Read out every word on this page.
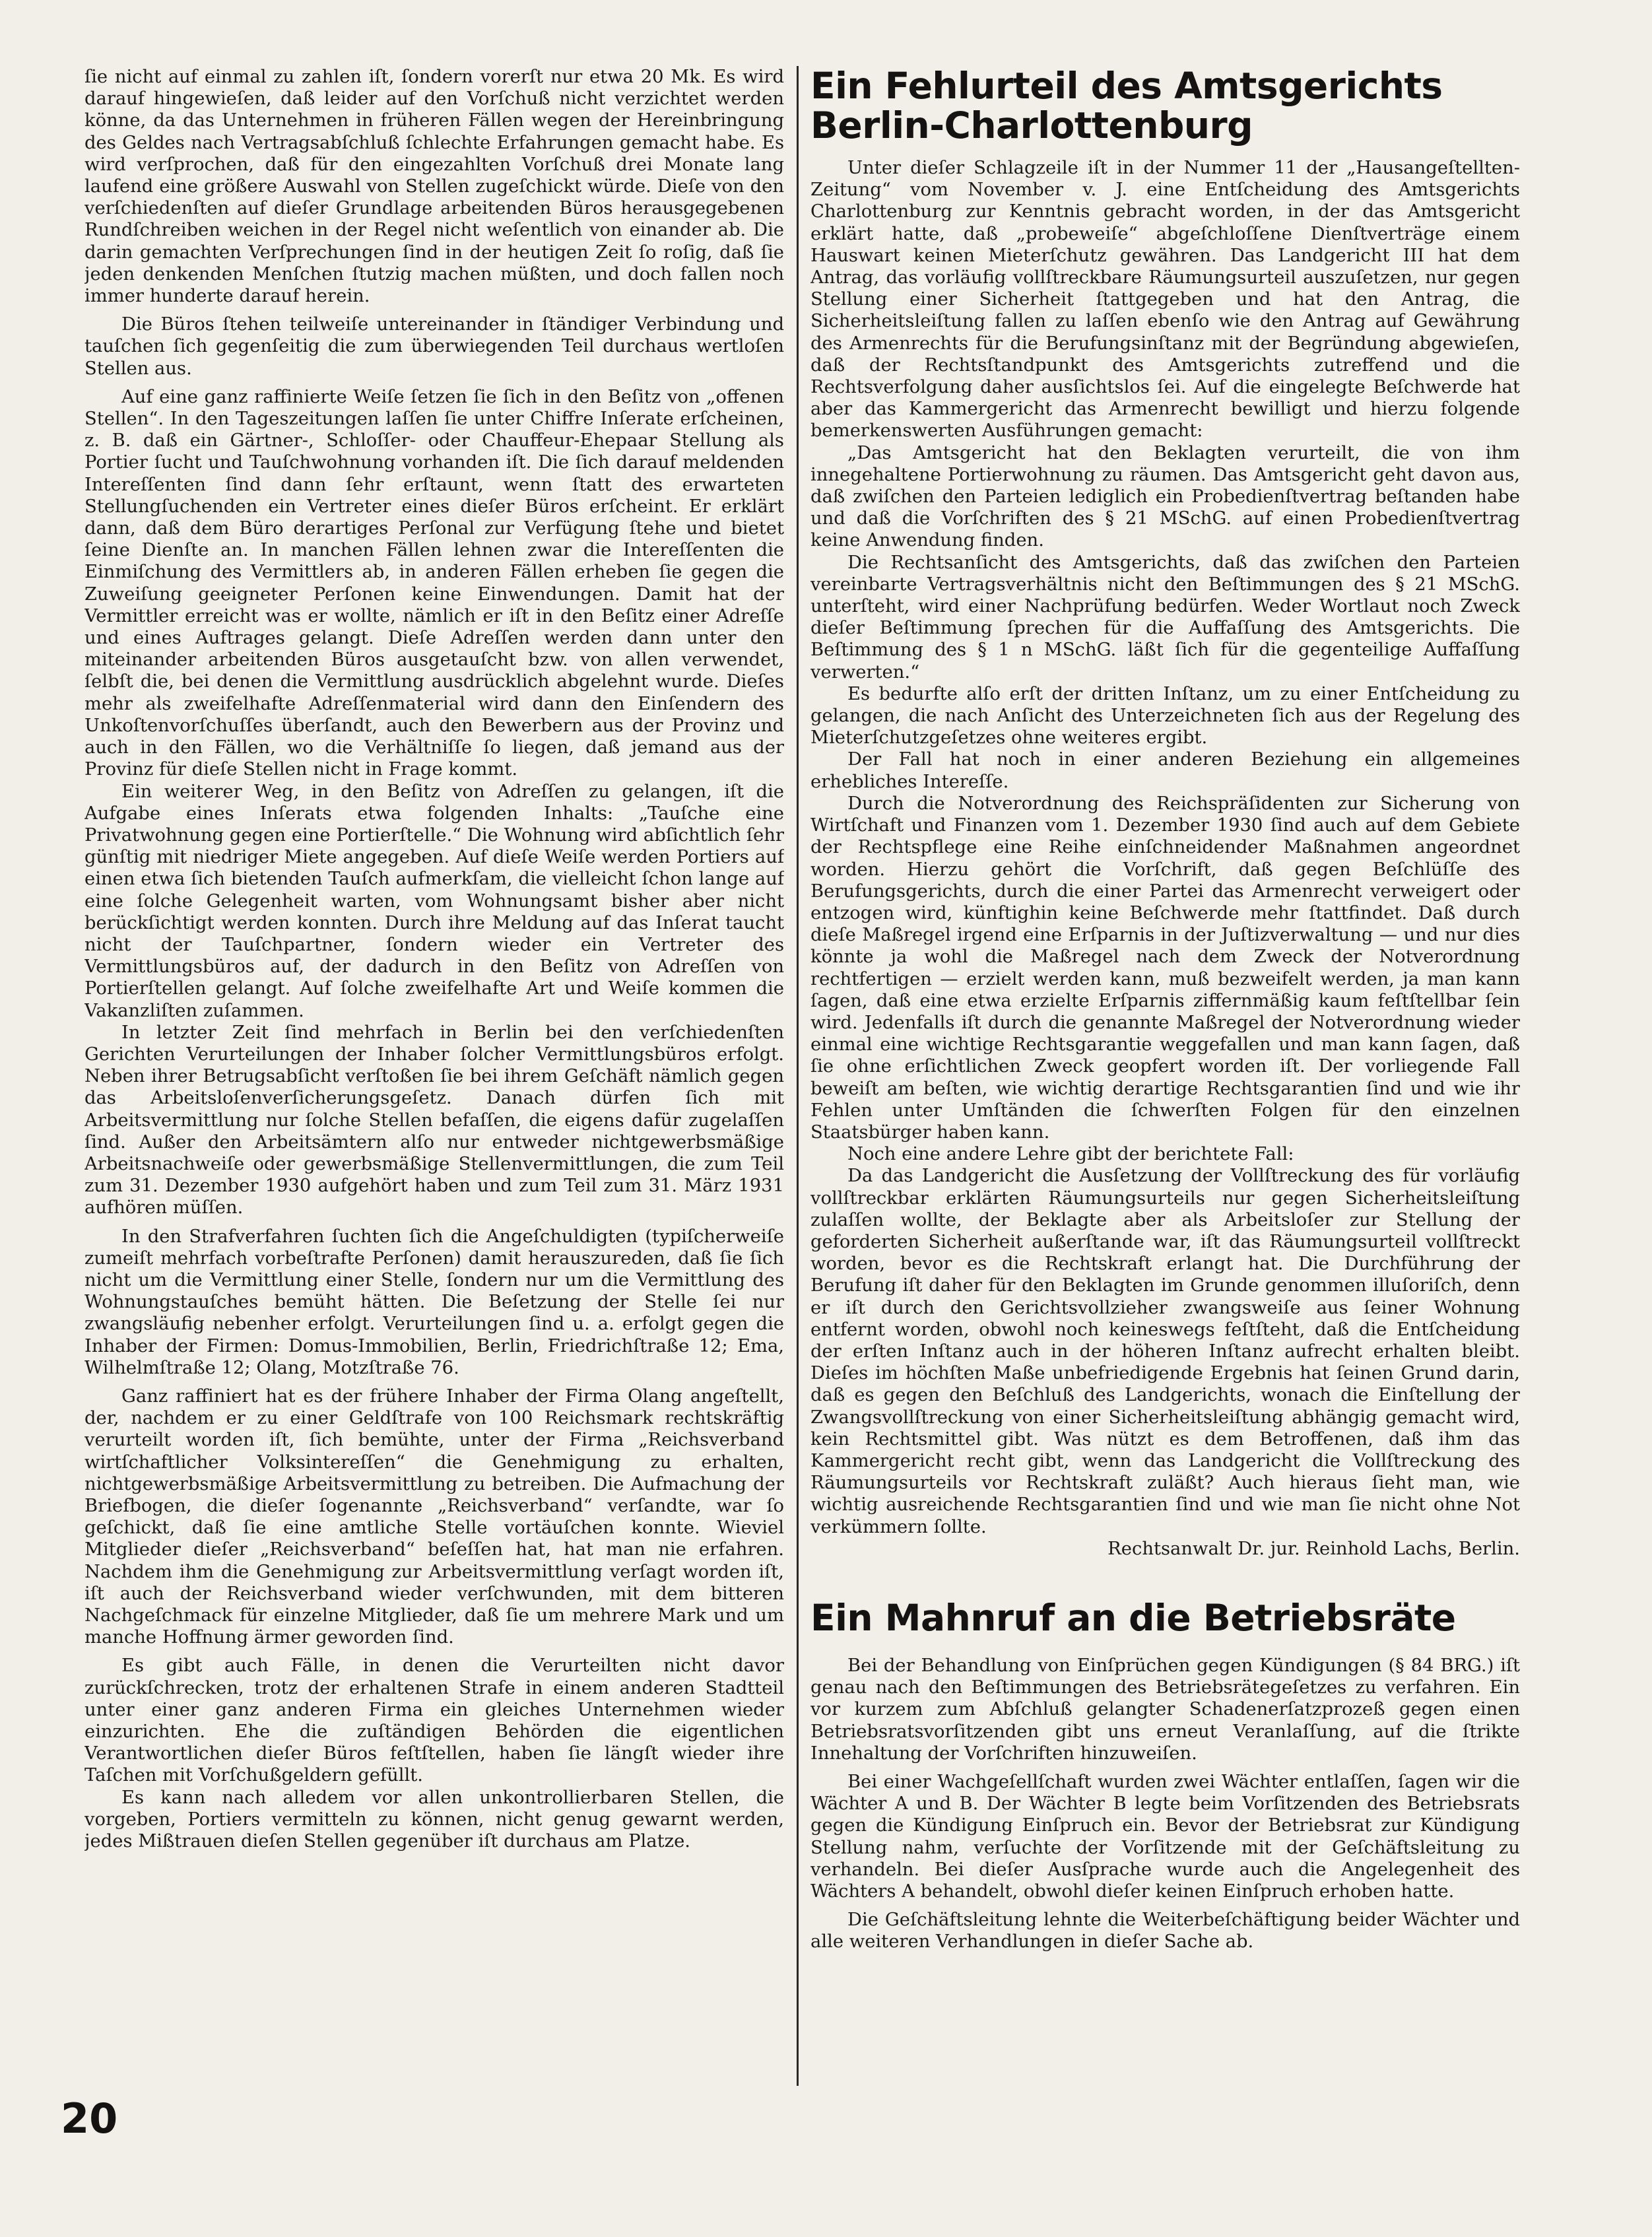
ſie nicht auf einmal zu zahlen iſt, ſondern vorerſt nur etwa 20 Mk. Es wird darauf hingewieſen, daß leider auf den Vorſchuß nicht verzichtet werden könne, da das Unternehmen in früheren Fällen wegen der Hereinbringung des Geldes nach Vertragsabſchluß ſchlechte Erfahrungen gemacht habe. Es wird verſprochen, daß für den eingezahlten Vorſchuß drei Monate lang laufend eine größere Auswahl von Stellen zugeſchickt würde. Dieſe von den verſchiedenſten auf dieſer Grundlage arbeitenden Büros herausgegebenen Rundſchreiben weichen in der Regel nicht weſentlich von einander ab. Die darin gemachten Verſprechungen ſind in der heutigen Zeit ſo roſig, daß ſie jeden denkenden Menſchen ſtutzig machen müßten, und doch fallen noch immer hunderte darauf herein.

Die Büros ſtehen teilweiſe untereinander in ſtändiger Verbindung und tauſchen ſich gegenſeitig die zum überwiegenden Teil durchaus wertloſen Stellen aus.

Auf eine ganz raffinierte Weiſe ſetzen ſie ſich in den Beſitz von „offenen Stellen“. In den Tageszeitungen laſſen ſie unter Chiffre Inſerate erſcheinen, z. B. daß ein Gärtner-, Schloſſer- oder Chauffeur-Ehepaar Stellung als Portier ſucht und Tauſchwohnung vorhanden iſt. Die ſich darauf meldenden Intereſſenten ſind dann ſehr erſtaunt, wenn ſtatt des erwarteten Stellungſuchenden ein Vertreter eines dieſer Büros erſcheint. Er erklärt dann, daß dem Büro derartiges Perſonal zur Verfügung ſtehe und bietet ſeine Dienſte an. In manchen Fällen lehnen zwar die Intereſſenten die Einmiſchung des Vermittlers ab, in anderen Fällen erheben ſie gegen die Zuweiſung geeigneter Perſonen keine Einwendungen. Damit hat der Vermittler erreicht was er wollte, nämlich er iſt in den Beſitz einer Adreſſe und eines Auftrages gelangt. Dieſe Adreſſen werden dann unter den miteinander arbeitenden Büros ausgetauſcht bzw. von allen verwendet, ſelbſt die, bei denen die Vermittlung ausdrücklich abgelehnt wurde. Dieſes mehr als zweifelhafte Adreſſenmaterial wird dann den Einſendern des Unkoſtenvorſchuſſes überſandt, auch den Bewerbern aus der Provinz und auch in den Fällen, wo die Verhältniſſe ſo liegen, daß jemand aus der Provinz für dieſe Stellen nicht in Frage kommt.

Ein weiterer Weg, in den Beſitz von Adreſſen zu gelangen, iſt die Aufgabe eines Inſerats etwa folgenden Inhalts: „Tauſche eine Privatwohnung gegen eine Portierſtelle.“ Die Wohnung wird abſichtlich ſehr günſtig mit niedriger Miete angegeben. Auf dieſe Weiſe werden Portiers auf einen etwa ſich bietenden Tauſch aufmerkſam, die vielleicht ſchon lange auf eine ſolche Gelegenheit warten, vom Wohnungsamt bisher aber nicht berückſichtigt werden konnten. Durch ihre Meldung auf das Inſerat taucht nicht der Tauſchpartner, ſondern wieder ein Vertreter des Vermittlungsbüros auf, der dadurch in den Beſitz von Adreſſen von Portierſtellen gelangt. Auf ſolche zweifelhafte Art und Weiſe kommen die Vakanzliſten zuſammen.

In letzter Zeit ſind mehrfach in Berlin bei den verſchiedenſten Gerichten Verurteilungen der Inhaber ſolcher Vermittlungsbüros erfolgt. Neben ihrer Betrugsabſicht verſtoßen ſie bei ihrem Geſchäft nämlich gegen das Arbeitsloſenverſicherungsgeſetz. Danach dürfen ſich mit Arbeitsvermittlung nur ſolche Stellen befaſſen, die eigens dafür zugelaſſen ſind. Außer den Arbeitsämtern alſo nur entweder nichtgewerbsmäßige Arbeitsnachweiſe oder gewerbsmäßige Stellenvermittlungen, die zum Teil zum 31. Dezember 1930 aufgehört haben und zum Teil zum 31. März 1931 aufhören müſſen.

In den Strafverfahren ſuchten ſich die Angeſchuldigten (typiſcherweiſe zumeiſt mehrfach vorbeſtrafte Perſonen) damit herauszureden, daß ſie ſich nicht um die Vermittlung einer Stelle, ſondern nur um die Vermittlung des Wohnungstauſches bemüht hätten. Die Beſetzung der Stelle ſei nur zwangsläufig nebenher erfolgt. Verurteilungen ſind u. a. erfolgt gegen die Inhaber der Firmen: Domus-Immobilien, Berlin, Friedrichſtraße 12; Ema, Wilhelmſtraße 12; Olang, Motzſtraße 76.

Ganz raffiniert hat es der frühere Inhaber der Firma Olang angeſtellt, der, nachdem er zu einer Geldſtrafe von 100 Reichsmark rechtskräftig verurteilt worden iſt, ſich bemühte, unter der Firma „Reichsverband wirtſchaftlicher Volksintereſſen“ die Genehmigung zu erhalten, nichtgewerbsmäßige Arbeitsvermittlung zu betreiben. Die Aufmachung der Briefbogen, die dieſer ſogenannte „Reichsverband“ verſandte, war ſo geſchickt, daß ſie eine amtliche Stelle vortäuſchen konnte. Wieviel Mitglieder dieſer „Reichsverband“ beſeſſen hat, hat man nie erfahren. Nachdem ihm die Genehmigung zur Arbeitsvermittlung verſagt worden iſt, iſt auch der Reichsverband wieder verſchwunden, mit dem bitteren Nachgeſchmack für einzelne Mitglieder, daß ſie um mehrere Mark und um manche Hoffnung ärmer geworden ſind.

Es gibt auch Fälle, in denen die Verurteilten nicht davor zurückſchrecken, trotz der erhaltenen Strafe in einem anderen Stadtteil unter einer ganz anderen Firma ein gleiches Unternehmen wieder einzurichten. Ehe die zuſtändigen Behörden die eigentlichen Verantwortlichen dieſer Büros feſtſtellen, haben ſie längſt wieder ihre Taſchen mit Vorſchußgeldern gefüllt.

Es kann nach alledem vor allen unkontrollierbaren Stellen, die vorgeben, Portiers vermitteln zu können, nicht genug gewarnt werden, jedes Mißtrauen dieſen Stellen gegenüber iſt durchaus am Platze.

Ein Fehlurteil des Amtsgerichts
Berlin-Charlottenburg

Unter dieſer Schlagzeile iſt in der Nummer 11 der „Hausangeſtellten-Zeitung“ vom November v. J. eine Entſcheidung des Amtsgerichts Charlottenburg zur Kenntnis gebracht worden, in der das Amtsgericht erklärt hatte, daß „probeweiſe“ abgeſchloſſene Dienſtverträge einem Hauswart keinen Mieterſchutz gewähren. Das Landgericht III hat dem Antrag, das vorläufig vollſtreckbare Räumungsurteil auszuſetzen, nur gegen Stellung einer Sicherheit ſtattgegeben und hat den Antrag, die Sicherheitsleiſtung fallen zu laſſen ebenſo wie den Antrag auf Gewährung des Armenrechts für die Berufungsinſtanz mit der Begründung abgewieſen, daß der Rechtsſtandpunkt des Amtsgerichts zutreffend und die Rechtsverfolgung daher ausſichtslos ſei. Auf die eingelegte Beſchwerde hat aber das Kammergericht das Armenrecht bewilligt und hierzu folgende bemerkenswerten Ausführungen gemacht:

„Das Amtsgericht hat den Beklagten verurteilt, die von ihm innegehaltene Portierwohnung zu räumen. Das Amtsgericht geht davon aus, daß zwiſchen den Parteien lediglich ein Probedienſtvertrag beſtanden habe und daß die Vorſchriften des § 21 MSchG. auf einen Probedienſtvertrag keine Anwendung finden.

Die Rechtsanſicht des Amtsgerichts, daß das zwiſchen den Parteien vereinbarte Vertragsverhältnis nicht den Beſtimmungen des § 21 MSchG. unterſteht, wird einer Nachprüfung bedürfen. Weder Wortlaut noch Zweck dieſer Beſtimmung ſprechen für die Auffaſſung des Amtsgerichts. Die Beſtimmung des § 1 n MSchG. läßt ſich für die gegenteilige Auffaſſung verwerten.“

Es bedurfte alſo erſt der dritten Inſtanz, um zu einer Entſcheidung zu gelangen, die nach Anſicht des Unterzeichneten ſich aus der Regelung des Mieterſchutzgeſetzes ohne weiteres ergibt.

Der Fall hat noch in einer anderen Beziehung ein allgemeines erhebliches Intereſſe.

Durch die Notverordnung des Reichspräſidenten zur Sicherung von Wirtſchaft und Finanzen vom 1. Dezember 1930 ſind auch auf dem Gebiete der Rechtspflege eine Reihe einſchneidender Maßnahmen angeordnet worden. Hierzu gehört die Vorſchrift, daß gegen Beſchlüſſe des Berufungsgerichts, durch die einer Partei das Armenrecht verweigert oder entzogen wird, künftighin keine Beſchwerde mehr ſtattfindet. Daß durch dieſe Maßregel irgend eine Erſparnis in der Juſtizverwaltung — und nur dies könnte ja wohl die Maßregel nach dem Zweck der Notverordnung rechtfertigen — erzielt werden kann, muß bezweifelt werden, ja man kann ſagen, daß eine etwa erzielte Erſparnis ziffernmäßig kaum feſtſtellbar ſein wird. Jedenfalls iſt durch die genannte Maßregel der Notverordnung wieder einmal eine wichtige Rechtsgarantie weggefallen und man kann ſagen, daß ſie ohne erſichtlichen Zweck geopfert worden iſt. Der vorliegende Fall beweiſt am beſten, wie wichtig derartige Rechtsgarantien ſind und wie ihr Fehlen unter Umſtänden die ſchwerſten Folgen für den einzelnen Staatsbürger haben kann.

Noch eine andere Lehre gibt der berichtete Fall:

Da das Landgericht die Ausſetzung der Vollſtreckung des für vorläufig vollſtreckbar erklärten Räumungsurteils nur gegen Sicherheitsleiſtung zulaſſen wollte, der Beklagte aber als Arbeitsloſer zur Stellung der geforderten Sicherheit außerſtande war, iſt das Räumungsurteil vollſtreckt worden, bevor es die Rechtskraft erlangt hat. Die Durchführung der Berufung iſt daher für den Beklagten im Grunde genommen illuſoriſch, denn er iſt durch den Gerichtsvollzieher zwangsweiſe aus ſeiner Wohnung entfernt worden, obwohl noch keineswegs feſtſteht, daß die Entſcheidung der erſten Inſtanz auch in der höheren Inſtanz aufrecht erhalten bleibt. Dieſes im höchſten Maße unbefriedigende Ergebnis hat ſeinen Grund darin, daß es gegen den Beſchluß des Landgerichts, wonach die Einſtellung der Zwangsvollſtreckung von einer Sicherheitsleiſtung abhängig gemacht wird, kein Rechtsmittel gibt. Was nützt es dem Betroffenen, daß ihm das Kammergericht recht gibt, wenn das Landgericht die Vollſtreckung des Räumungsurteils vor Rechtskraft zuläßt? Auch hieraus ſieht man, wie wichtig ausreichende Rechtsgarantien ſind und wie man ſie nicht ohne Not verkümmern ſollte.

Rechtsanwalt Dr. jur. Reinhold Lachs, Berlin.

Ein Mahnruf an die Betriebsräte

Bei der Behandlung von Einſprüchen gegen Kündigungen (§ 84 BRG.) iſt genau nach den Beſtimmungen des Betriebsrätegeſetzes zu verfahren. Ein vor kurzem zum Abſchluß gelangter Schadenerſatzprozeß gegen einen Betriebsratsvorſitzenden gibt uns erneut Veranlaſſung, auf die ſtrikte Innehaltung der Vorſchriften hinzuweiſen.

Bei einer Wachgeſellſchaft wurden zwei Wächter entlaſſen, ſagen wir die Wächter A und B. Der Wächter B legte beim Vorſitzenden des Betriebsrats gegen die Kündigung Einſpruch ein. Bevor der Betriebsrat zur Kündigung Stellung nahm, verſuchte der Vorſitzende mit der Geſchäftsleitung zu verhandeln. Bei dieſer Ausſprache wurde auch die Angelegenheit des Wächters A behandelt, obwohl dieſer keinen Einſpruch erhoben hatte.

Die Geſchäftsleitung lehnte die Weiterbeſchäftigung beider Wächter und alle weiteren Verhandlungen in dieſer Sache ab.

20
